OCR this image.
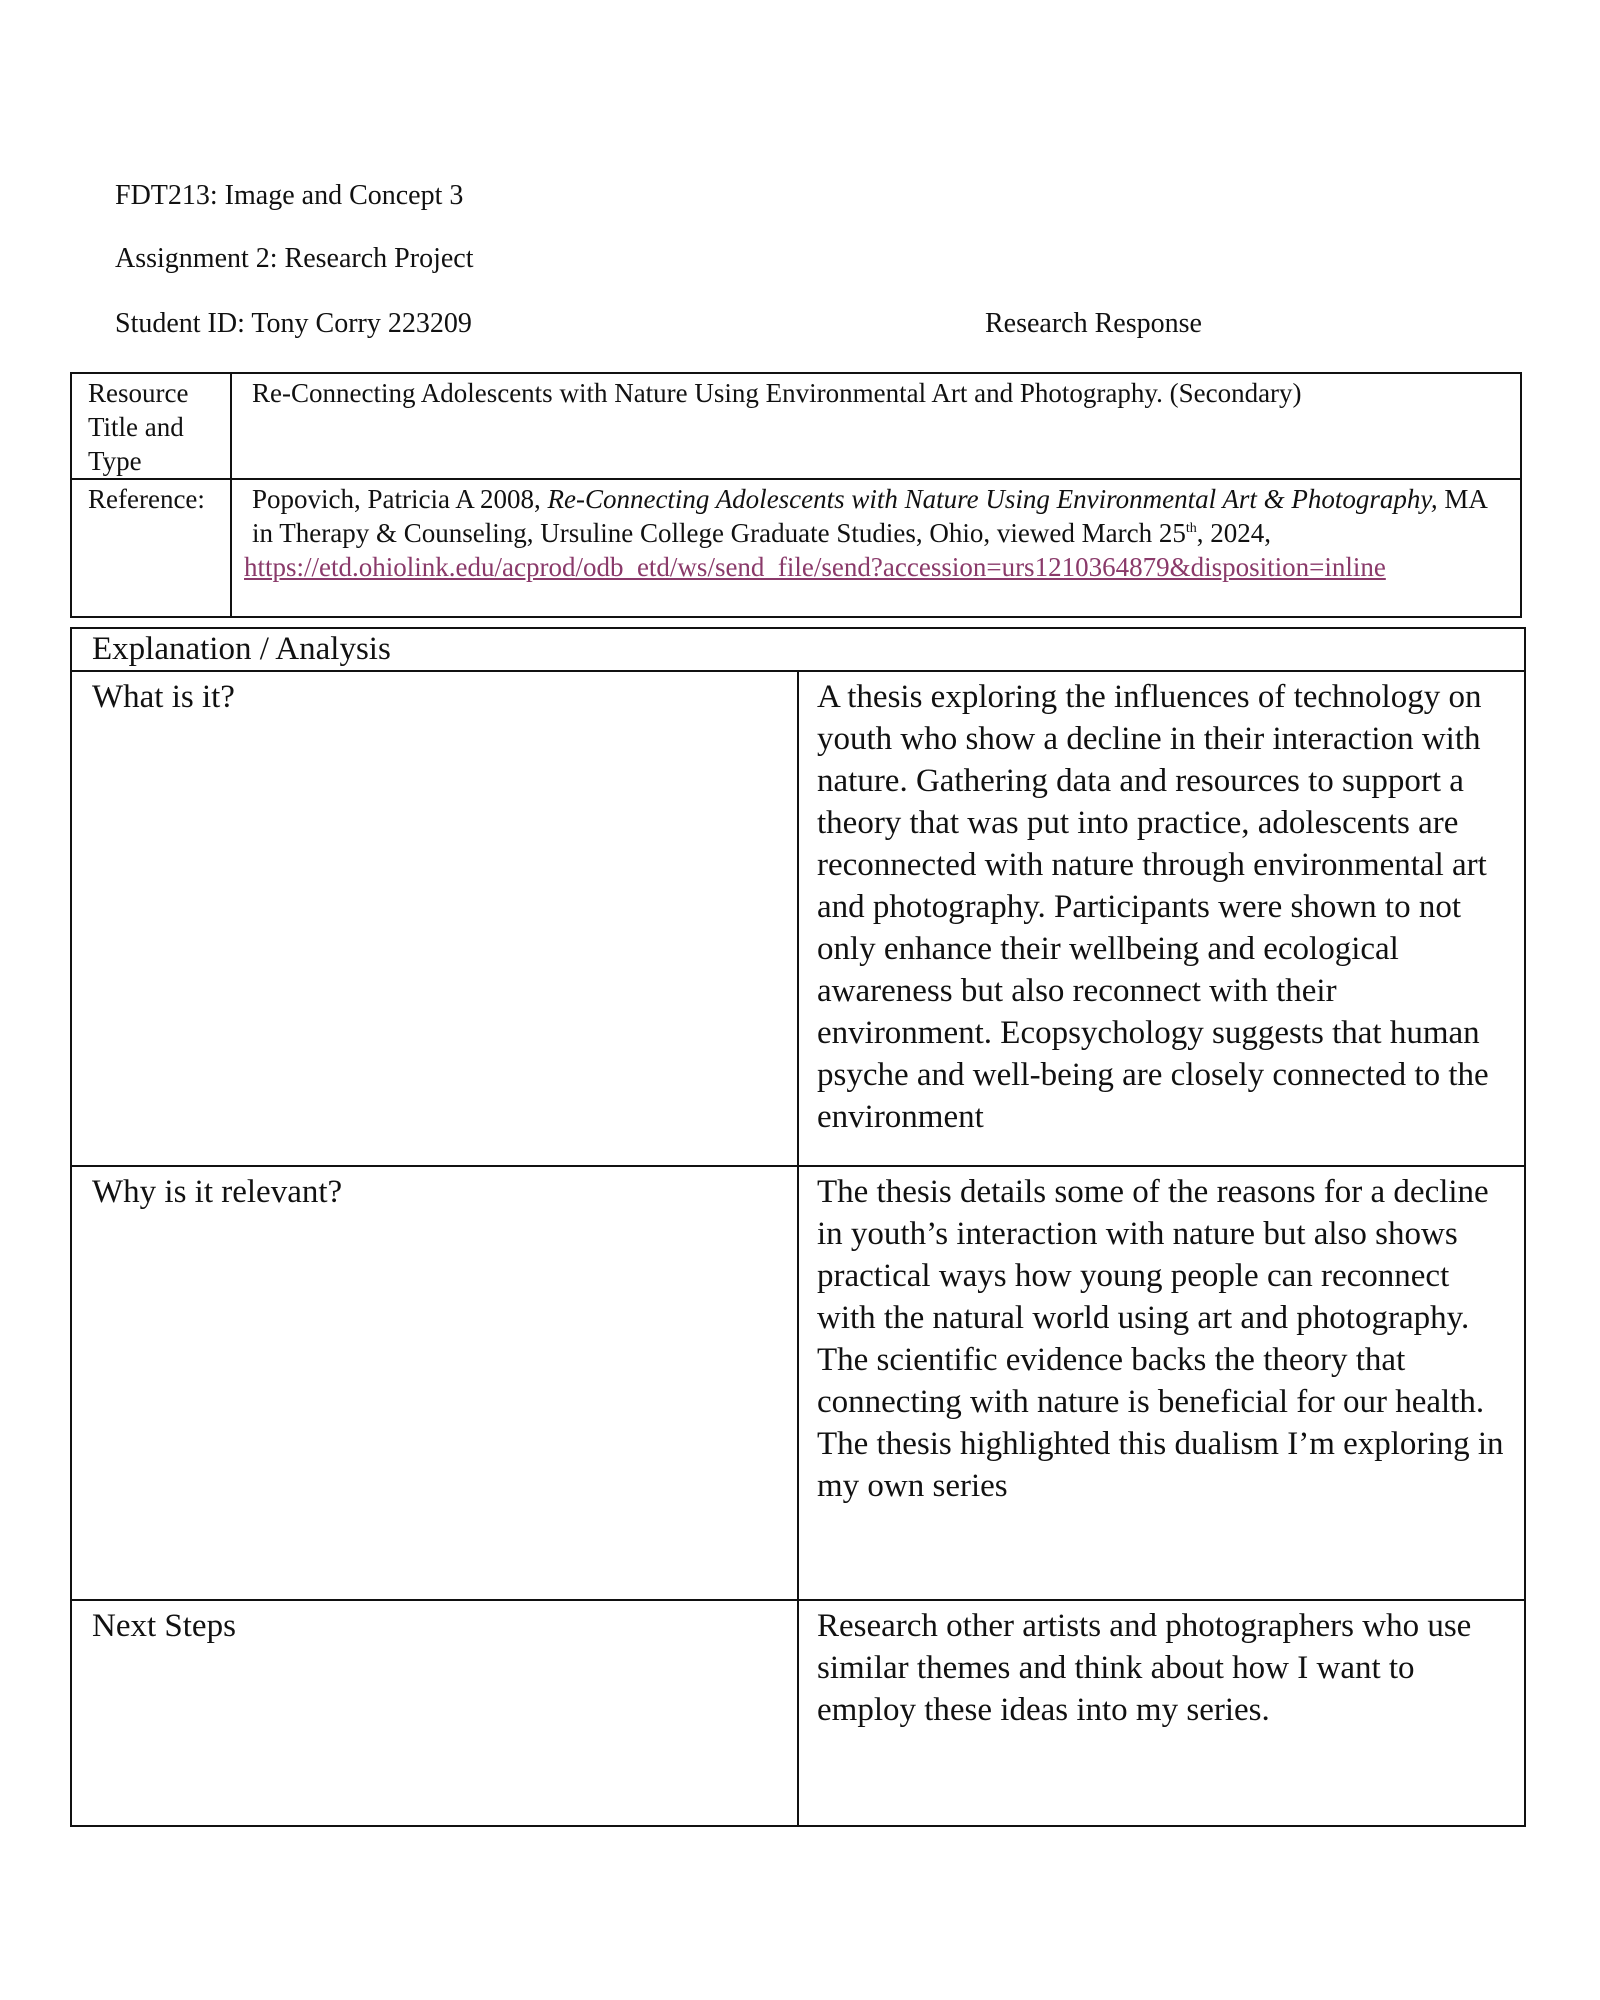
FDT213: Image and Concept 3
Assignment 2: Research Project
Student ID: Tony Corry 223209	Research Response
Resource Title and Type	Re-Connecting Adolescents with Nature Using Environmental Art and Photography. (Secondary)
Reference:	Popovich, Patricia A 2008, Re-Connecting Adolescents with Nature Using Environmental Art & Photography, MA in Therapy & Counseling, Ursuline College Graduate Studies, Ohio, viewed March 25th, 2024,
https://etd.ohiolink.edu/acprod/odb_etd/ws/send_file/send?accession=urs1210364879&disposition=inline
Explanation / Analysis	
What is it?	A thesis exploring the influences of technology on youth who show a decline in their interaction with nature. Gathering data and resources to support a theory that was put into practice, adolescents are reconnected with nature through environmental art and photography. Participants were shown to not only enhance their wellbeing and ecological awareness but also reconnect with their environment. Ecopsychology suggests that human psyche and well-being are closely connected to the environment
Why is it relevant?	The thesis details some of the reasons for a decline in youth’s interaction with nature but also shows practical ways how young people can reconnect with the natural world using art and photography. The scientific evidence backs the theory that connecting with nature is beneficial for our health. The thesis highlighted this dualism I’m exploring in my own series
Next Steps	Research other artists and photographers who use similar themes and think about how I want to employ these ideas into my series.
